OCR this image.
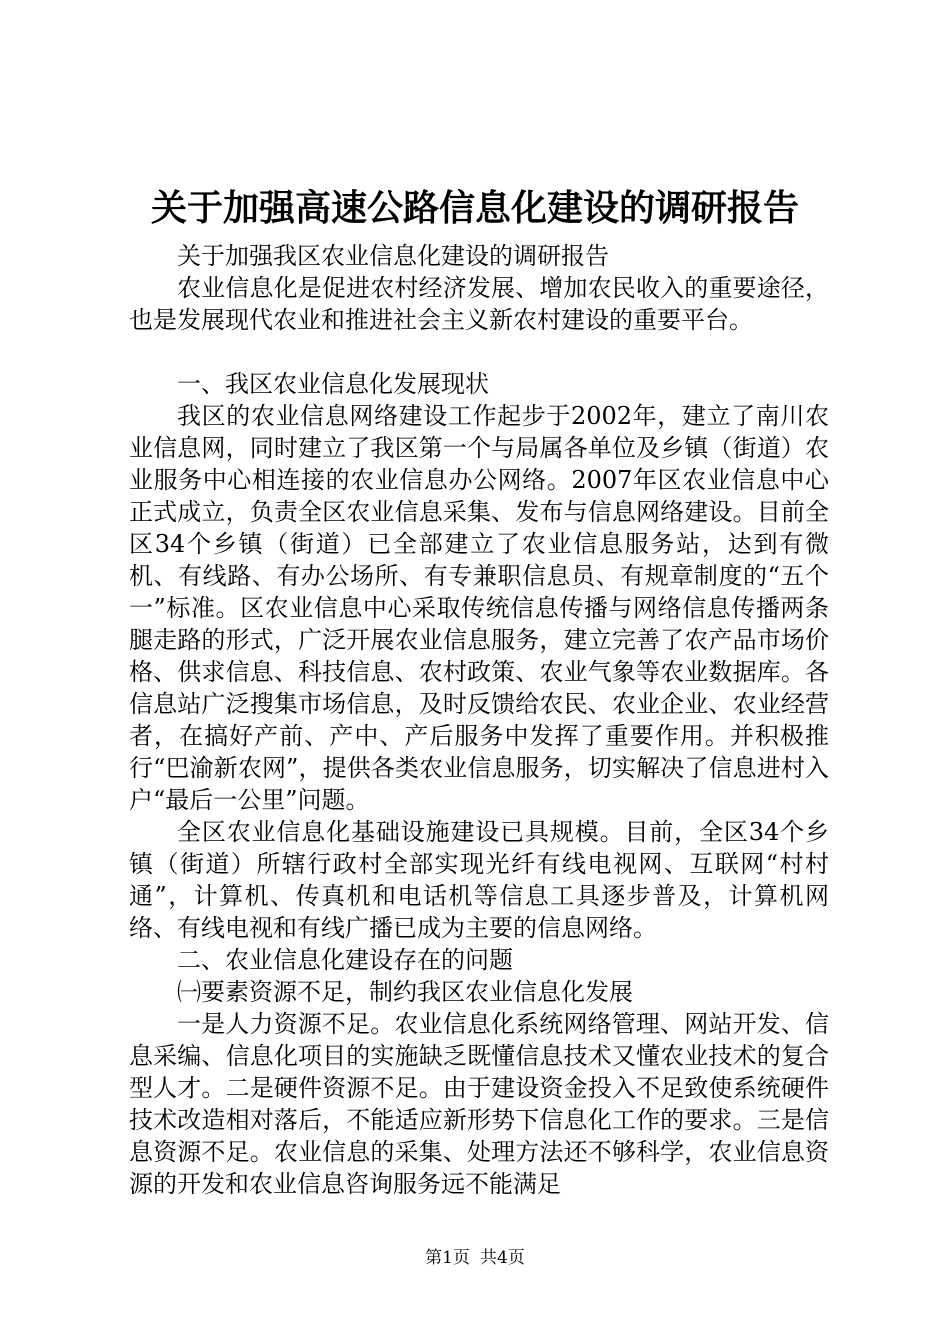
关于加强高速公路信息化建设的调研报告

关于加强我区农业信息化建设的调研报告

农业信息化是促进农村经济发展、增加农民收入的重要途径，也是发展现代农业和推进社会主义新农村建设的重要平台。

一、我区农业信息化发展现状

我区的农业信息网络建设工作起步于2002年，建立了南川农业信息网，同时建立了我区第一个与局属各单位及乡镇（街道）农业服务中心相连接的农业信息办公网络。2007年区农业信息中心正式成立，负责全区农业信息采集、发布与信息网络建设。目前全区34个乡镇（街道）已全部建立了农业信息服务站，达到有微机、有线路、有办公场所、有专兼职信息员、有规章制度的“五个一”标准。区农业信息中心采取传统信息传播与网络信息传播两条腿走路的形式，广泛开展农业信息服务，建立完善了农产品市场价格、供求信息、科技信息、农村政策、农业气象等农业数据库。各信息站广泛搜集市场信息，及时反馈给农民、农业企业、农业经营者，在搞好产前、产中、产后服务中发挥了重要作用。并积极推行“巴渝新农网”，提供各类农业信息服务，切实解决了信息进村入户“最后一公里”问题。

全区农业信息化基础设施建设已具规模。目前，全区34个乡镇（街道）所辖行政村全部实现光纤有线电视网、互联网“村村通”，计算机、传真机和电话机等信息工具逐步普及，计算机网络、有线电视和有线广播已成为主要的信息网络。

二、农业信息化建设存在的问题

㈠要素资源不足，制约我区农业信息化发展

一是人力资源不足。农业信息化系统网络管理、网站开发、信息采编、信息化项目的实施缺乏既懂信息技术又懂农业技术的复合型人才。二是硬件资源不足。由于建设资金投入不足致使系统硬件技术改造相对落后，不能适应新形势下信息化工作的要求。三是信息资源不足。农业信息的采集、处理方法还不够科学，农业信息资源的开发和农业信息咨询服务远不能满足

第1页 共4页
